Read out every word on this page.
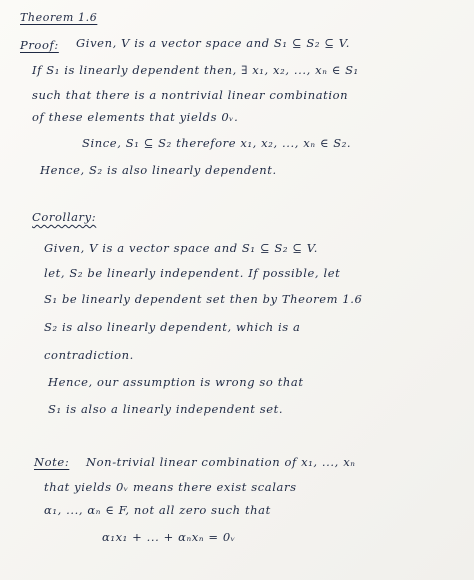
Theorem 1.6
Proof: Given, V is a vector space and S₁ ⊆ S₂ ⊆ V.
If S₁ is linearly dependent then, ∃ x₁, x₂, ..., xₙ ∈ S₁
such that there is a nontrivial linear combination
of these elements that yields 0ᵥ.
Since, S₁ ⊆ S₂ therefore x₁, x₂, ..., xₙ ∈ S₂.
Hence, S₂ is also linearly dependent.
Corollary:
Given, V is a vector space and S₁ ⊆ S₂ ⊆ V.
let, S₂ be linearly independent. If possible, let
S₁ be linearly dependent set then by Theorem 1.6
S₂ is also linearly dependent, which is a
contradiction.
Hence, our assumption is wrong so that
S₁ is also a linearly independent set.
Note: Non-trivial linear combination of x₁, ..., xₙ
that yields 0ᵥ means there exist scalars
α₁, ..., αₙ ∈ F, not all zero such that
α₁x₁ + ... + αₙxₙ = 0ᵥ
